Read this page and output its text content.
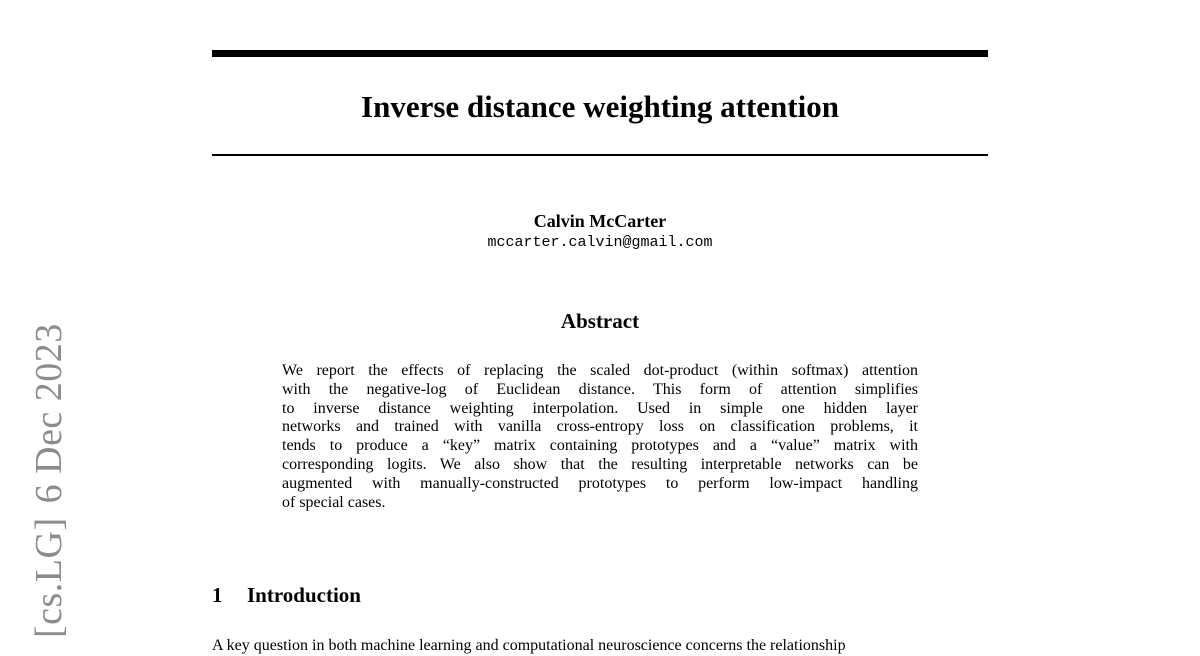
[cs.LG]6 Dec 2023
Inverse distance weighting attention
Calvin McCarter
mccarter.calvin@gmail.com
Abstract
We report the effects of replacing the scaled dot-product (within softmax) attention
with the negative-log of Euclidean distance. This form of attention simplifies
to inverse distance weighting interpolation. Used in simple one hidden layer
networks and trained with vanilla cross-entropy loss on classification problems, it
tends to produce a “key” matrix containing prototypes and a “value” matrix with
corresponding logits. We also show that the resulting interpretable networks can be
augmented with manually-constructed prototypes to perform low-impact handling
of special cases.
1 Introduction
A key question in both machine learning and computational neuroscience concerns the relationship
